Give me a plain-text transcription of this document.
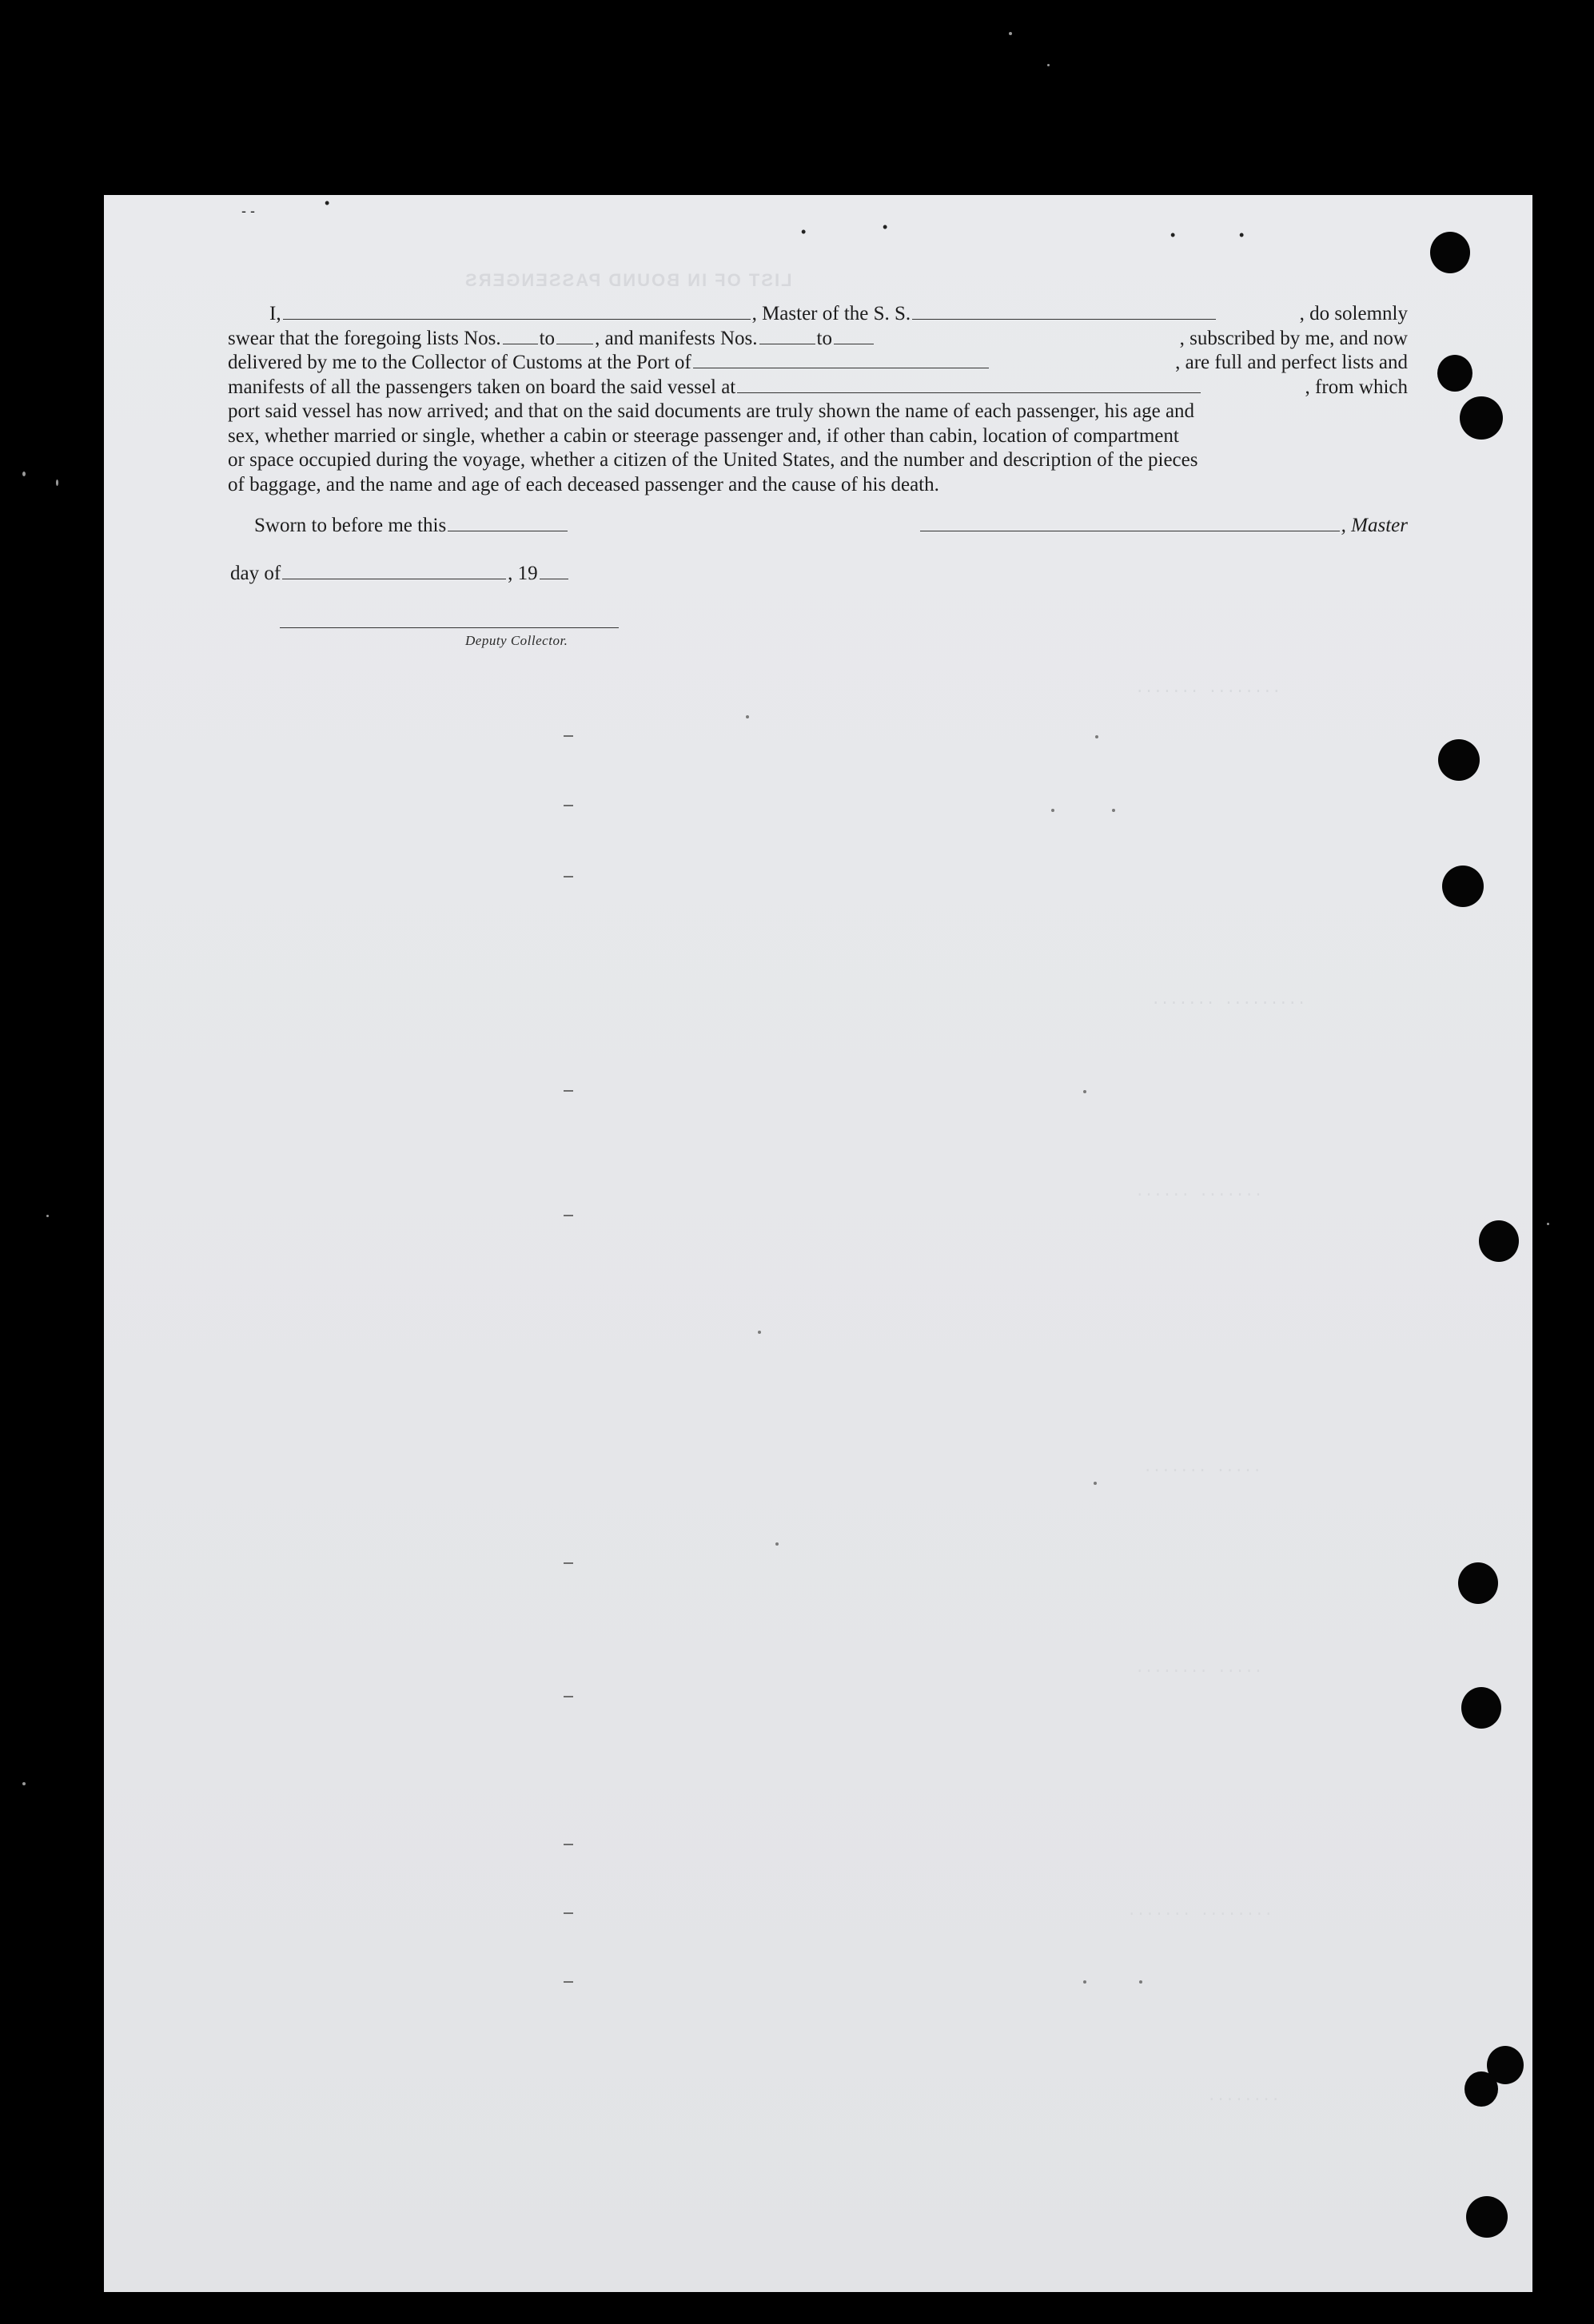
LIST OF IN BOUND PASSENGERS
······· ········
······· ·········
······ ·······
······· ·····
········ ·····
······· ········
········
- -	•
•	•	•	•
I,	, Master of the S. S.	, do solemnly
swear that the foregoing lists Nos. to , and manifests Nos.	to	, subscribed by me, and now
delivered by me to the Collector of Customs at the Port of	, are full and perfect lists and
manifests of all the passengers taken on board the said vessel at	, from which
port said vessel has now arrived; and that on the said documents are truly shown the name of each passenger, his age and
sex, whether married or single, whether a cabin or steerage passenger and, if other than cabin, location of compartment
or space occupied during the voyage, whether a citizen of the United States, and the number and description of the pieces
of baggage, and the name and age of each deceased passenger and the cause of his death.
Sworn to before me this	, Master
day of	, 19
Deputy Collector.
